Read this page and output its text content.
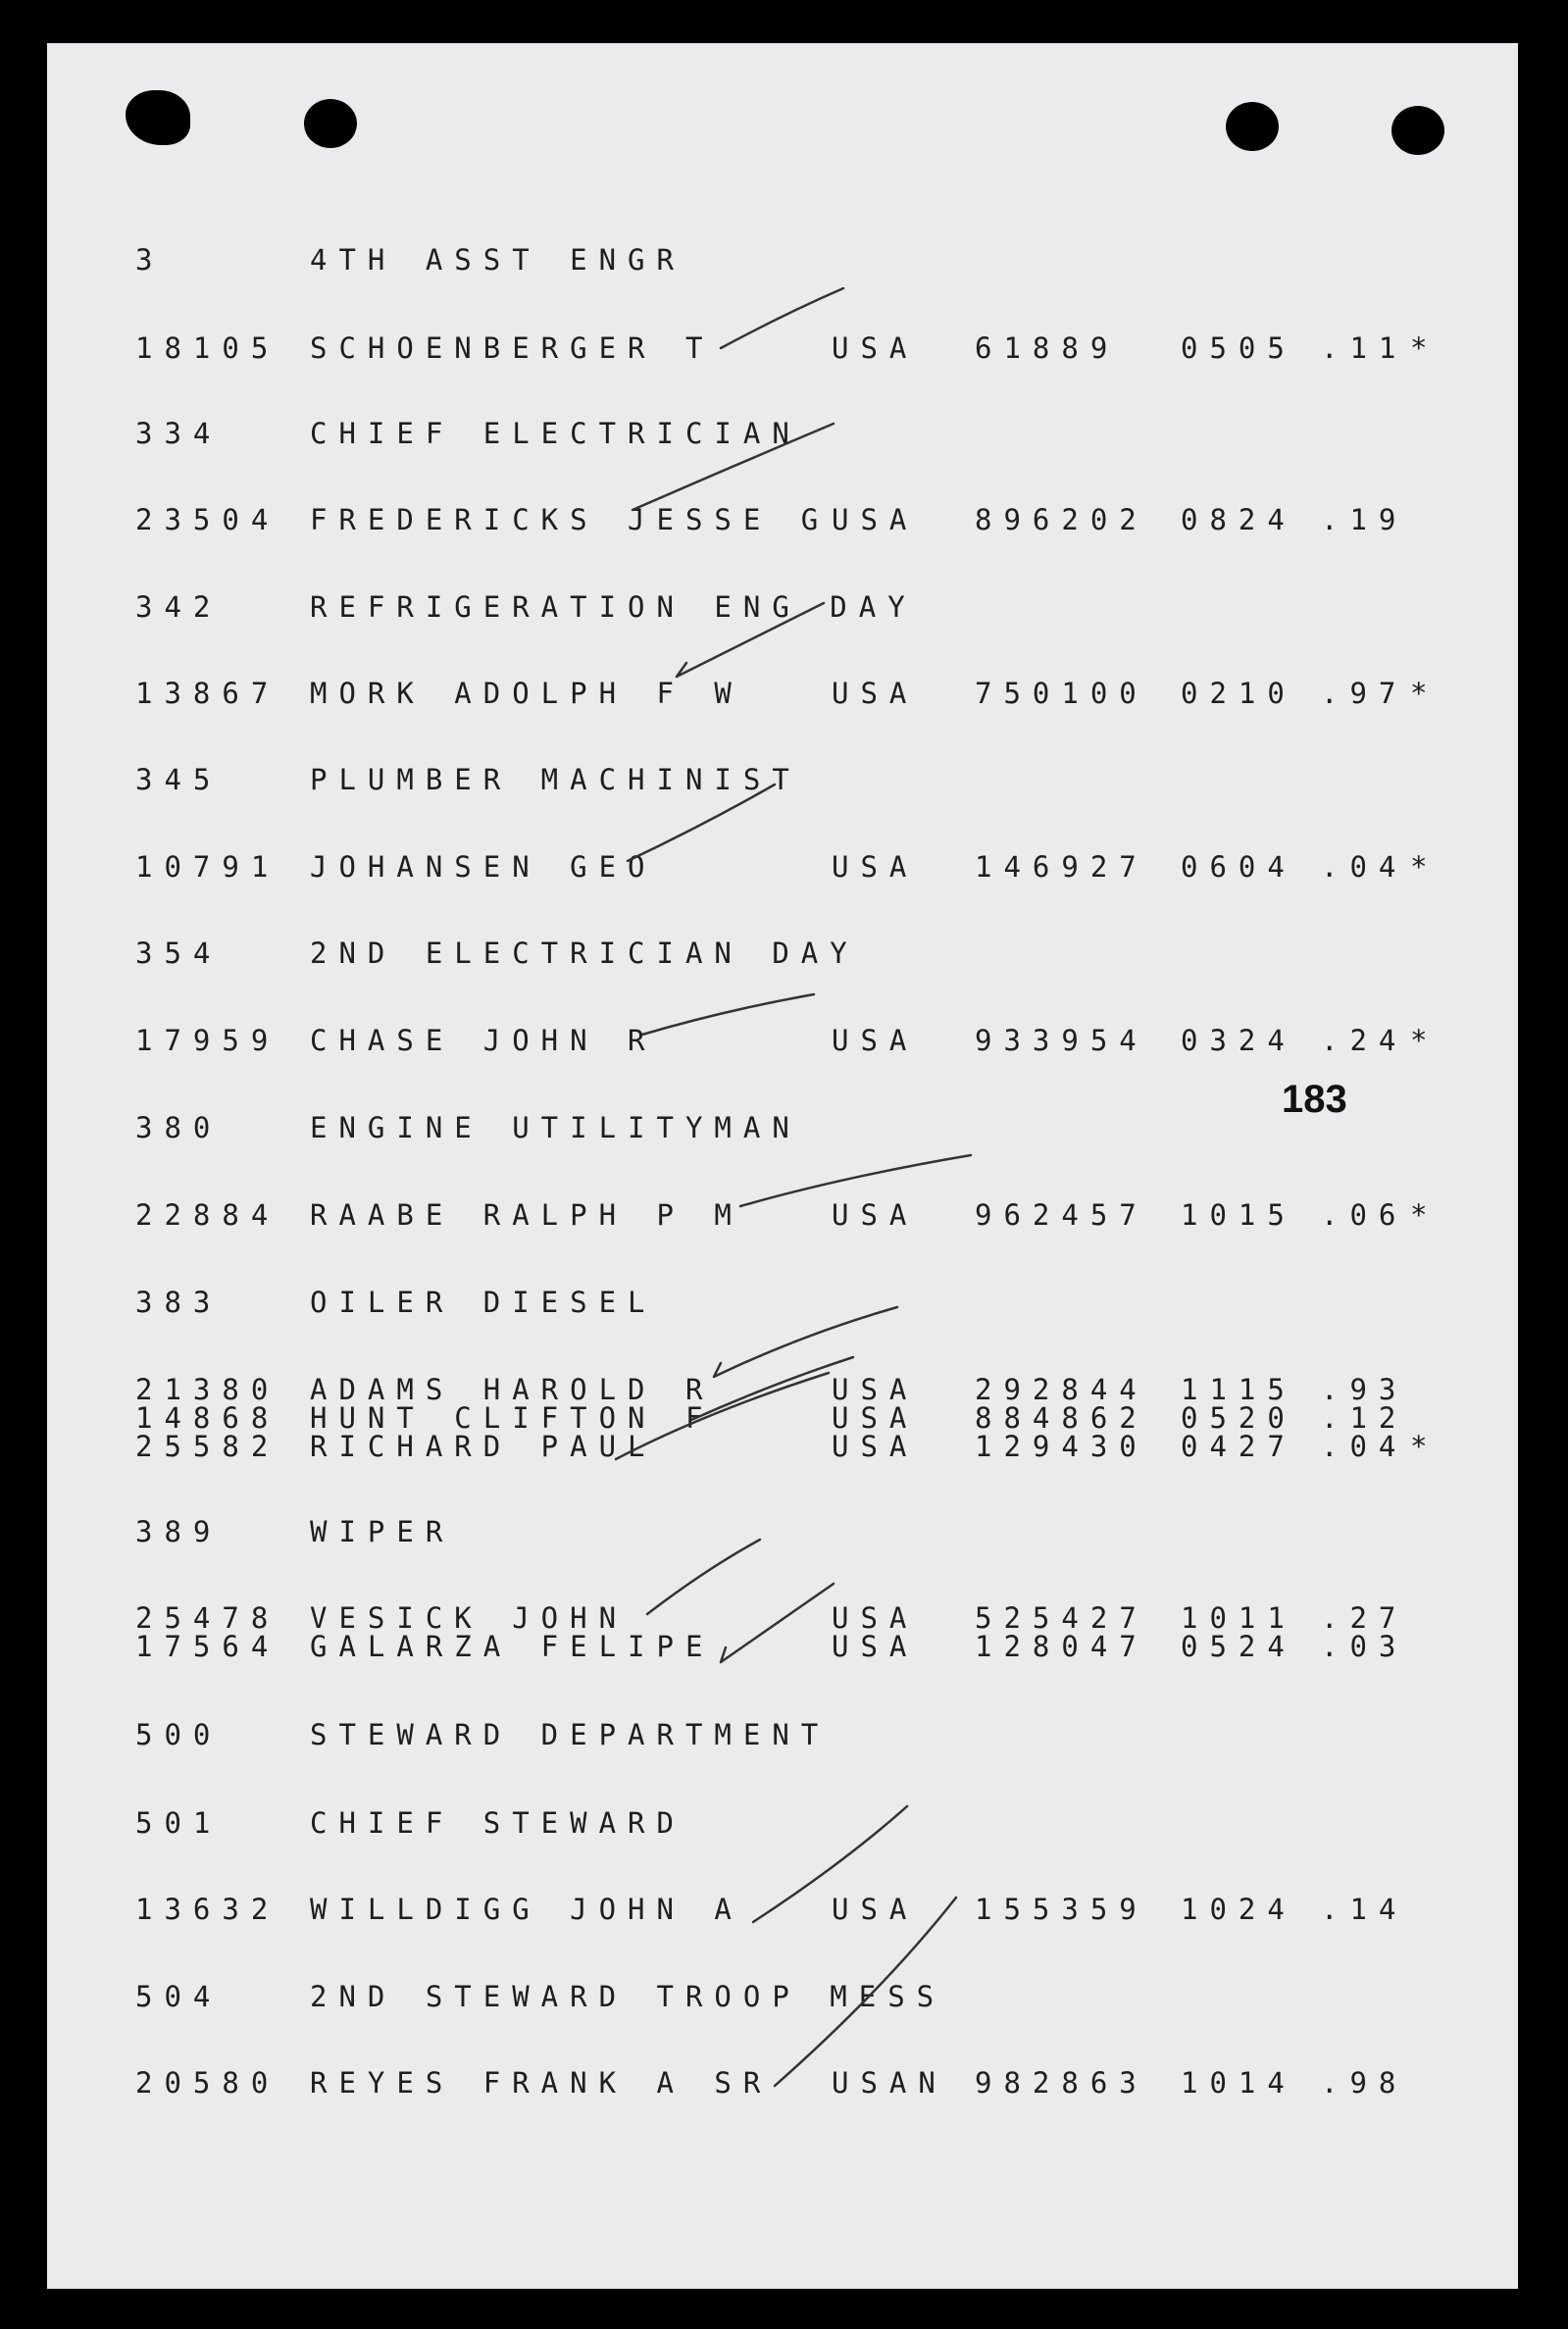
3‪‬	4TH ASST ENGR
18105 SCHOENBERGER T	USA 61889 0505 .11 *
334	CHIEF ELECTRICIAN
23504 FREDERICKS JESSE G USA 896202 0824 .19
342	REFRIGERATION ENG DAY
13867 MORK ADOLPH F W	USA 750100 0210 .97 *
345	PLUMBER MACHINIST
10791 JOHANSEN GEO	USA 146927 0604 .04 *
354	2ND ELECTRICIAN DAY
17959 CHASE JOHN R	USA 933954 0324 .24 *
380	ENGINE UTILITYMAN
22884 RAABE RALPH P M	USA 962457 1015 .06 *
383	OILER DIESEL
21380 ADAMS HAROLD R	USA 292844 1115 .93
14868 HUNT CLIFTON F	USA 884862 0520 .12
25582 RICHARD PAUL	USA 129430 0427 .04 *
389	WIPER
25478 VESICK JOHN	USA 525427 1011 .27
17564 GALARZA FELIPE	USA 128047 0524 .03
500	STEWARD DEPARTMENT
501	CHIEF STEWARD
13632 WILLDIGG JOHN A	USA 155359 1024 .14
504	2ND STEWARD TROOP MESS
20580 REYES FRANK A SR USAN 982863 1014 .98
183
